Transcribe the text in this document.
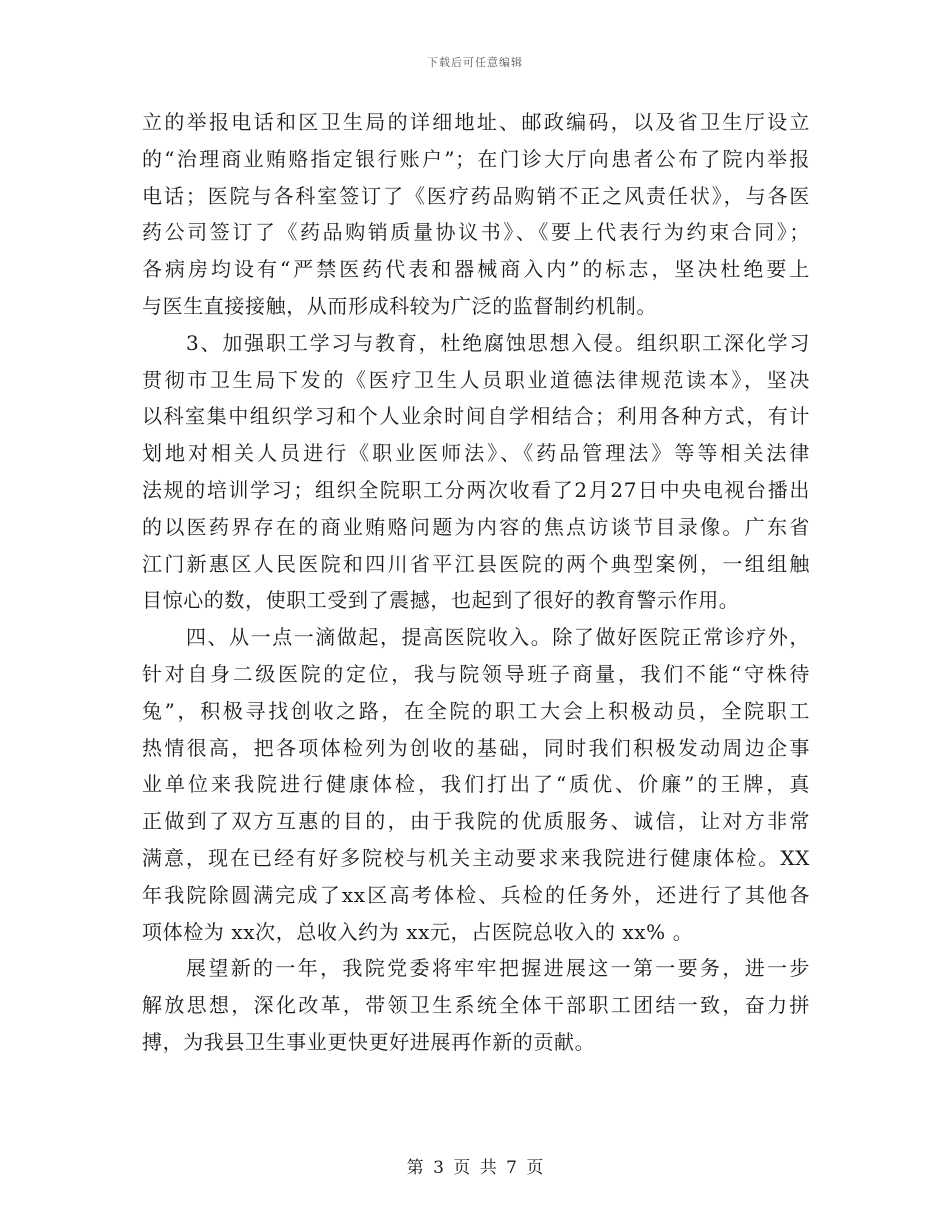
下载后可任意编辑
立的举报电话和区卫生局的详细地址、邮政编码，以及省卫生厅设立
的“治理商业贿赂指定银行账户”；在门诊大厅向患者公布了院内举报
电话；医院与各科室签订了《医疗药品购销不正之风责任状》，与各医
药公司签订了《药品购销质量协议书》、《要上代表行为约束合同》；
各病房均设有“严禁医药代表和器械商入内”的标志，坚决杜绝要上
与医生直接接触，从而形成科较为广泛的监督制约机制。
3、加强职工学习与教育，杜绝腐蚀思想入侵。组织职工深化学习
贯彻市卫生局下发的《医疗卫生人员职业道德法律规范读本》，坚决
以科室集中组织学习和个人业余时间自学相结合；利用各种方式，有计
划地对相关人员进行《职业医师法》、《药品管理法》等等相关法律
法规的培训学习；组织全院职工分两次收看了2月27日中央电视台播出
的以医药界存在的商业贿赂问题为内容的焦点访谈节目录像。广东省
江门新惠区人民医院和四川省平江县医院的两个典型案例，一组组触
目惊心的数，使职工受到了震撼，也起到了很好的教育警示作用。
四、从一点一滴做起，提高医院收入。除了做好医院正常诊疗外，
针对自身二级医院的定位，我与院领导班子商量，我们不能“守株待
兔”，积极寻找创收之路，在全院的职工大会上积极动员，全院职工
热情很高，把各项体检列为创收的基础，同时我们积极发动周边企事
业单位来我院进行健康体检，我们打出了“质优、价廉”的王牌，真
正做到了双方互惠的目的，由于我院的优质服务、诚信，让对方非常
满意，现在已经有好多院校与机关主动要求来我院进行健康体检。XX
年我院除圆满完成了xx区高考体检、兵检的任务外，还进行了其他各
项体检为 xx次，总收入约为 xx元，占医院总收入的 xx% 。
展望新的一年，我院党委将牢牢把握进展这一第一要务，进一步
解放思想，深化改革，带领卫生系统全体干部职工团结一致，奋力拼
搏，为我县卫生事业更快更好进展再作新的贡献。
第 3 页 共 7 页
